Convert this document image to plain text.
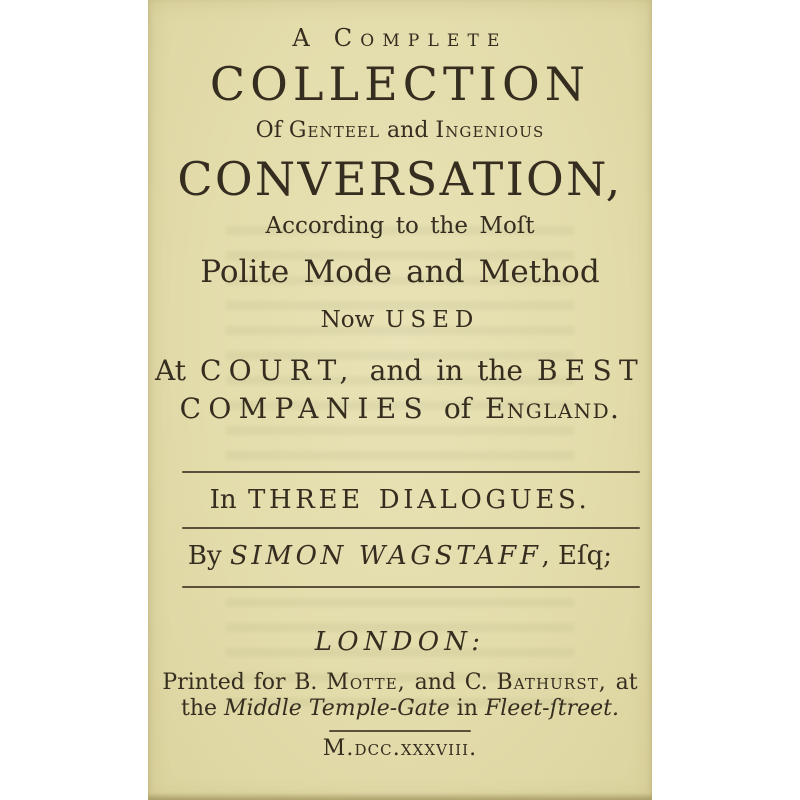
A Complete
COLLECTION
Of Genteel and Ingenious
CONVERSATION,
According to the Moſt
Polite Mode and Method
Now USED
At COURT, and in the BEST
COMPANIES of England.
In THREE DIALOGUES.
By SIMON WAGSTAFF, Eſq;
LONDON:
Printed for B. Motte, and C. Bathurst, at
the Middle Temple-Gate in Fleet-ſtreet.
M.dcc.xxxviii.
